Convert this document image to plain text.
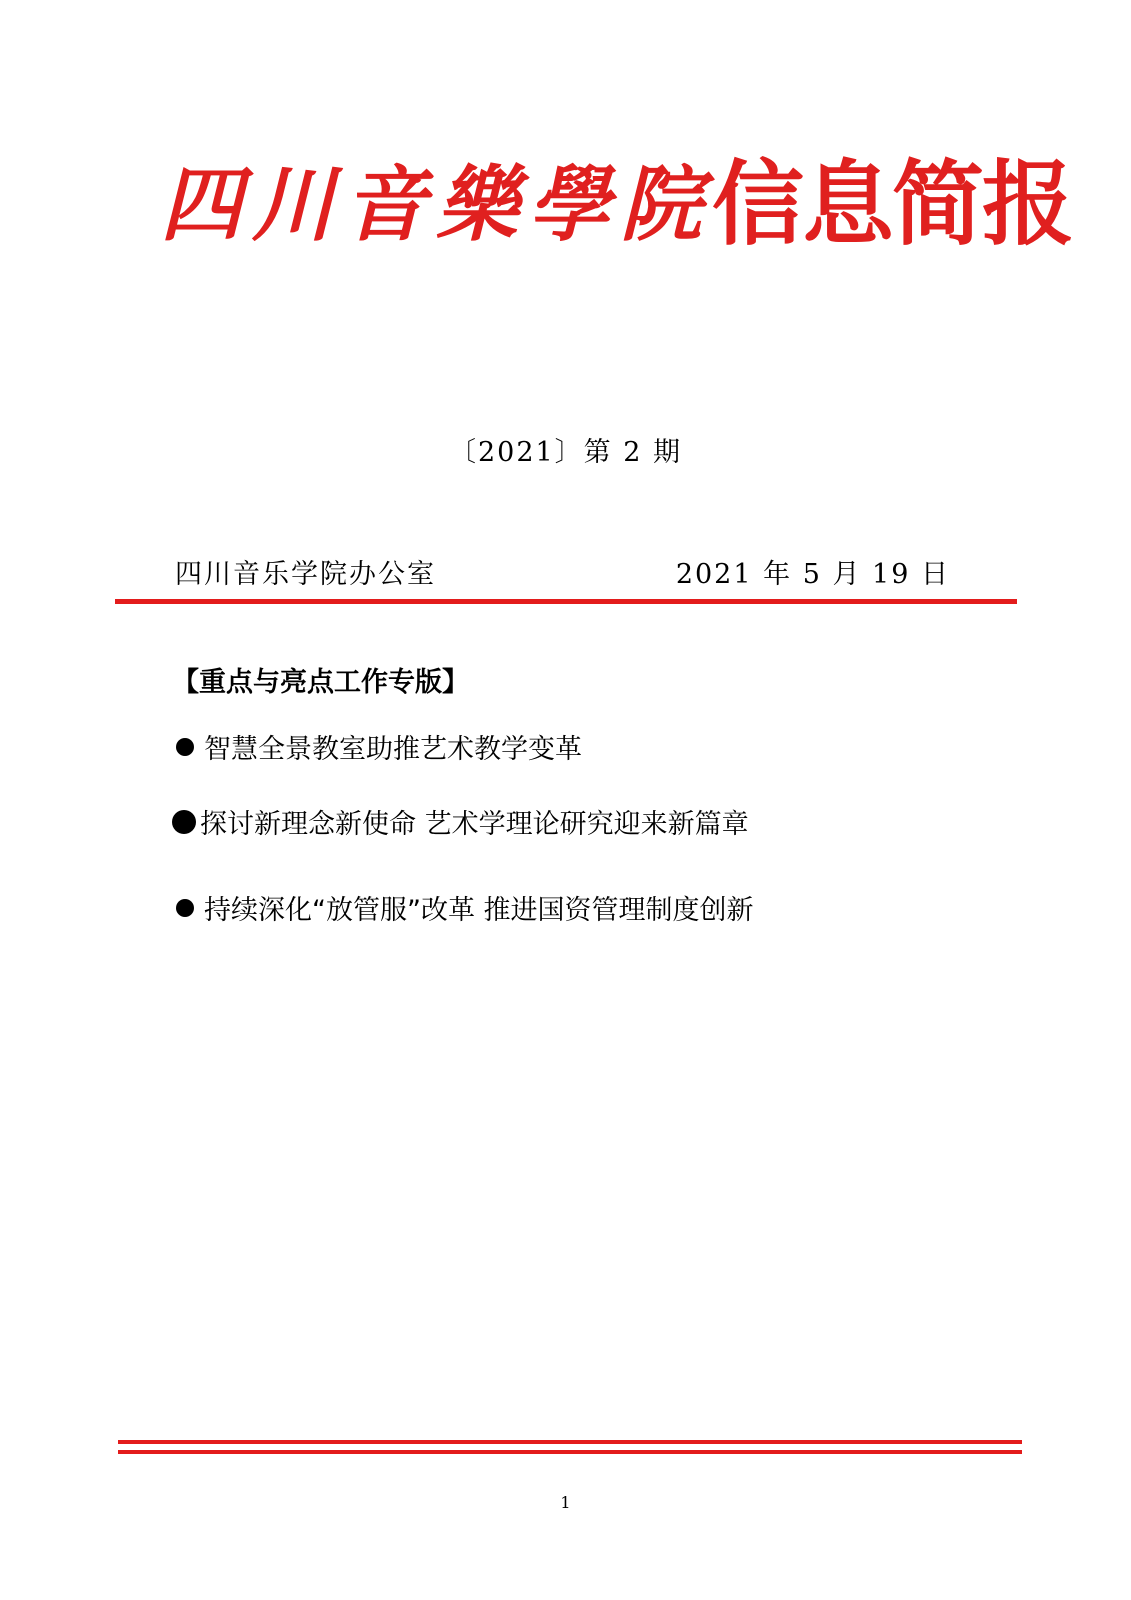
四川音樂學院 信息简报
〔2021〕第 2 期
四川音乐学院办公室	2021 年 5 月 19 日
【重点与亮点工作专版】
智慧全景教室助推艺术教学变革
探讨新理念新使命 艺术学理论研究迎来新篇章
持续深化“放管服”改革 推进国资管理制度创新
1
